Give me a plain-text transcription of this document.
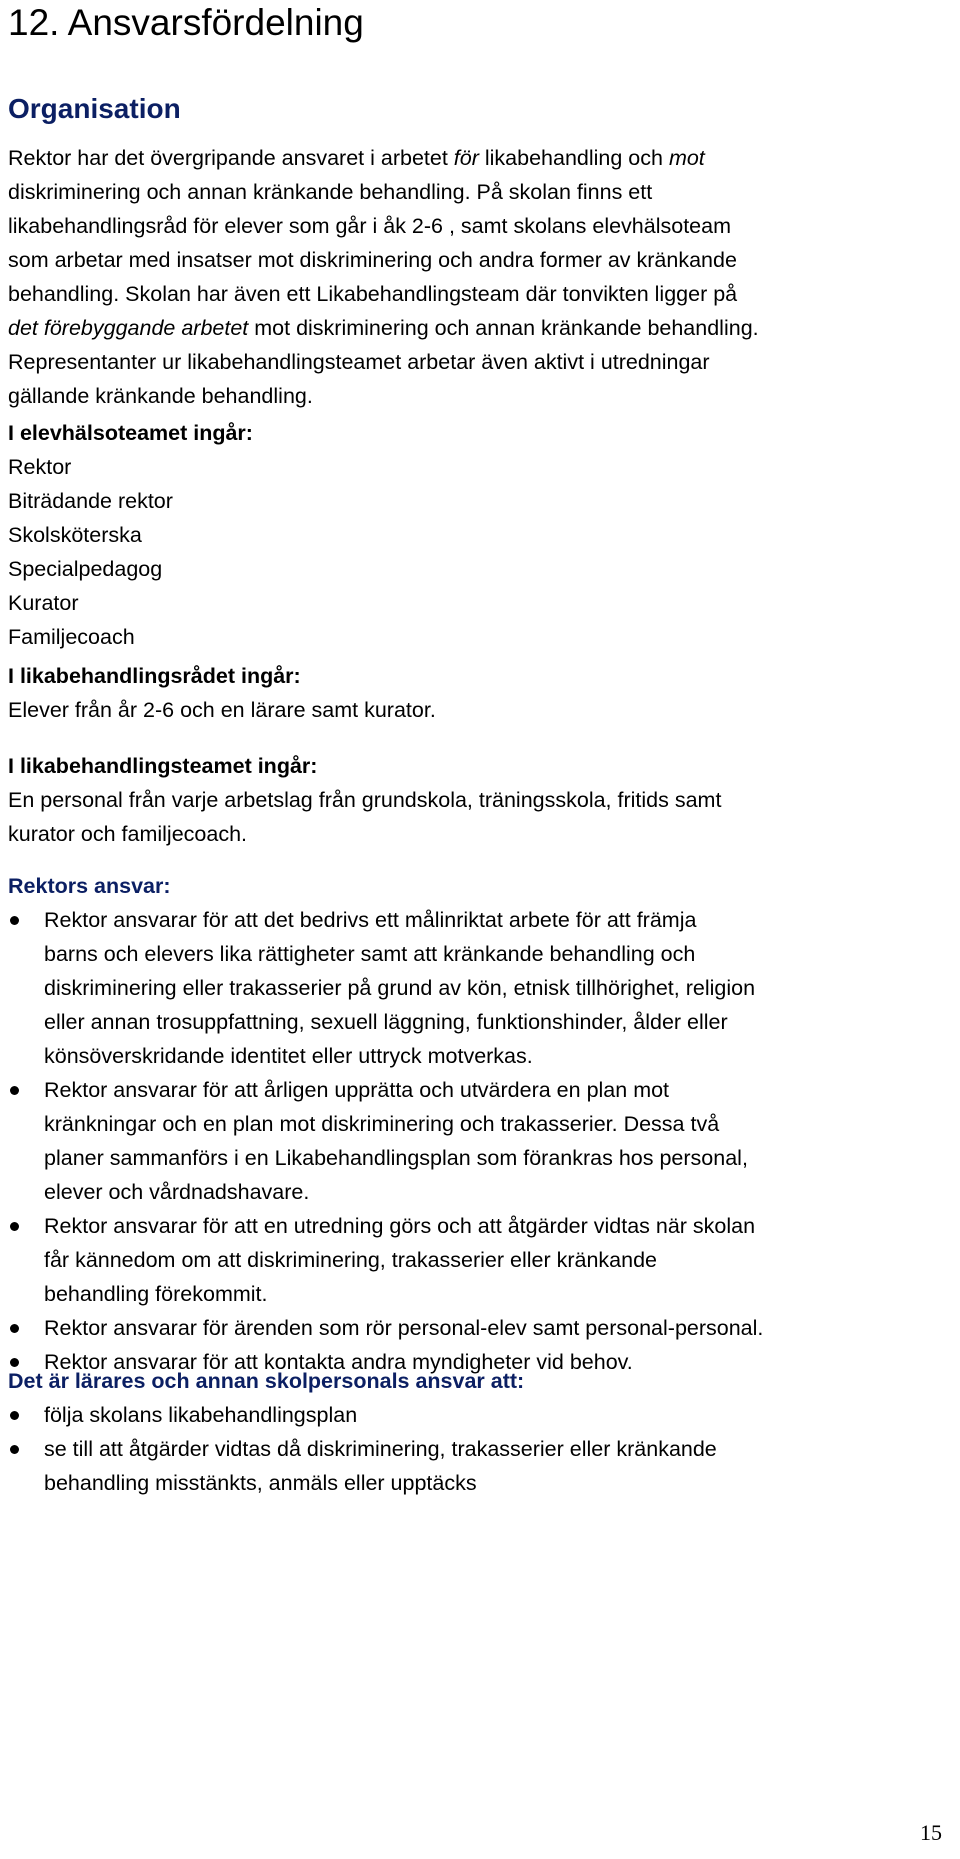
12. Ansvarsfördelning
Organisation
Rektor har det övergripande ansvaret i arbetet för likabehandling och mot
diskriminering och annan kränkande behandling. På skolan finns ett
likabehandlingsråd för elever som går i åk 2-6 , samt skolans elevhälsoteam
som arbetar med insatser mot diskriminering och andra former av kränkande
behandling. Skolan har även ett Likabehandlingsteam där tonvikten ligger på
det förebyggande arbetet mot diskriminering och annan kränkande behandling.
Representanter ur likabehandlingsteamet arbetar även aktivt i utredningar
gällande kränkande behandling.
I elevhälsoteamet ingår:
Rektor
Biträdande rektor
Skolsköterska
Specialpedagog
Kurator
Familjecoach
I likabehandlingsrådet ingår:
Elever från år 2-6 och en lärare samt kurator.
I likabehandlingsteamet ingår:
En personal från varje arbetslag från grundskola, träningsskola, fritids samt
kurator och familjecoach.
Rektors ansvar:
Rektor ansvarar för att det bedrivs ett målinriktat arbete för att främja
barns och elevers lika rättigheter samt att kränkande behandling och
diskriminering eller trakasserier på grund av kön, etnisk tillhörighet, religion
eller annan trosuppfattning, sexuell läggning, funktionshinder, ålder eller
könsöverskridande identitet eller uttryck motverkas.
Rektor ansvarar för att årligen upprätta och utvärdera en plan mot
kränkningar och en plan mot diskriminering och trakasserier. Dessa två
planer sammanförs i en Likabehandlingsplan som förankras hos personal,
elever och vårdnadshavare.
Rektor ansvarar för att en utredning görs och att åtgärder vidtas när skolan
får kännedom om att diskriminering, trakasserier eller kränkande
behandling förekommit.
Rektor ansvarar för ärenden som rör personal-elev samt personal-personal.
Rektor ansvarar för att kontakta andra myndigheter vid behov.
Det är lärares och annan skolpersonals ansvar att:
följa skolans likabehandlingsplan
se till att åtgärder vidtas då diskriminering, trakasserier eller kränkande
behandling misstänkts, anmäls eller upptäcks
15
